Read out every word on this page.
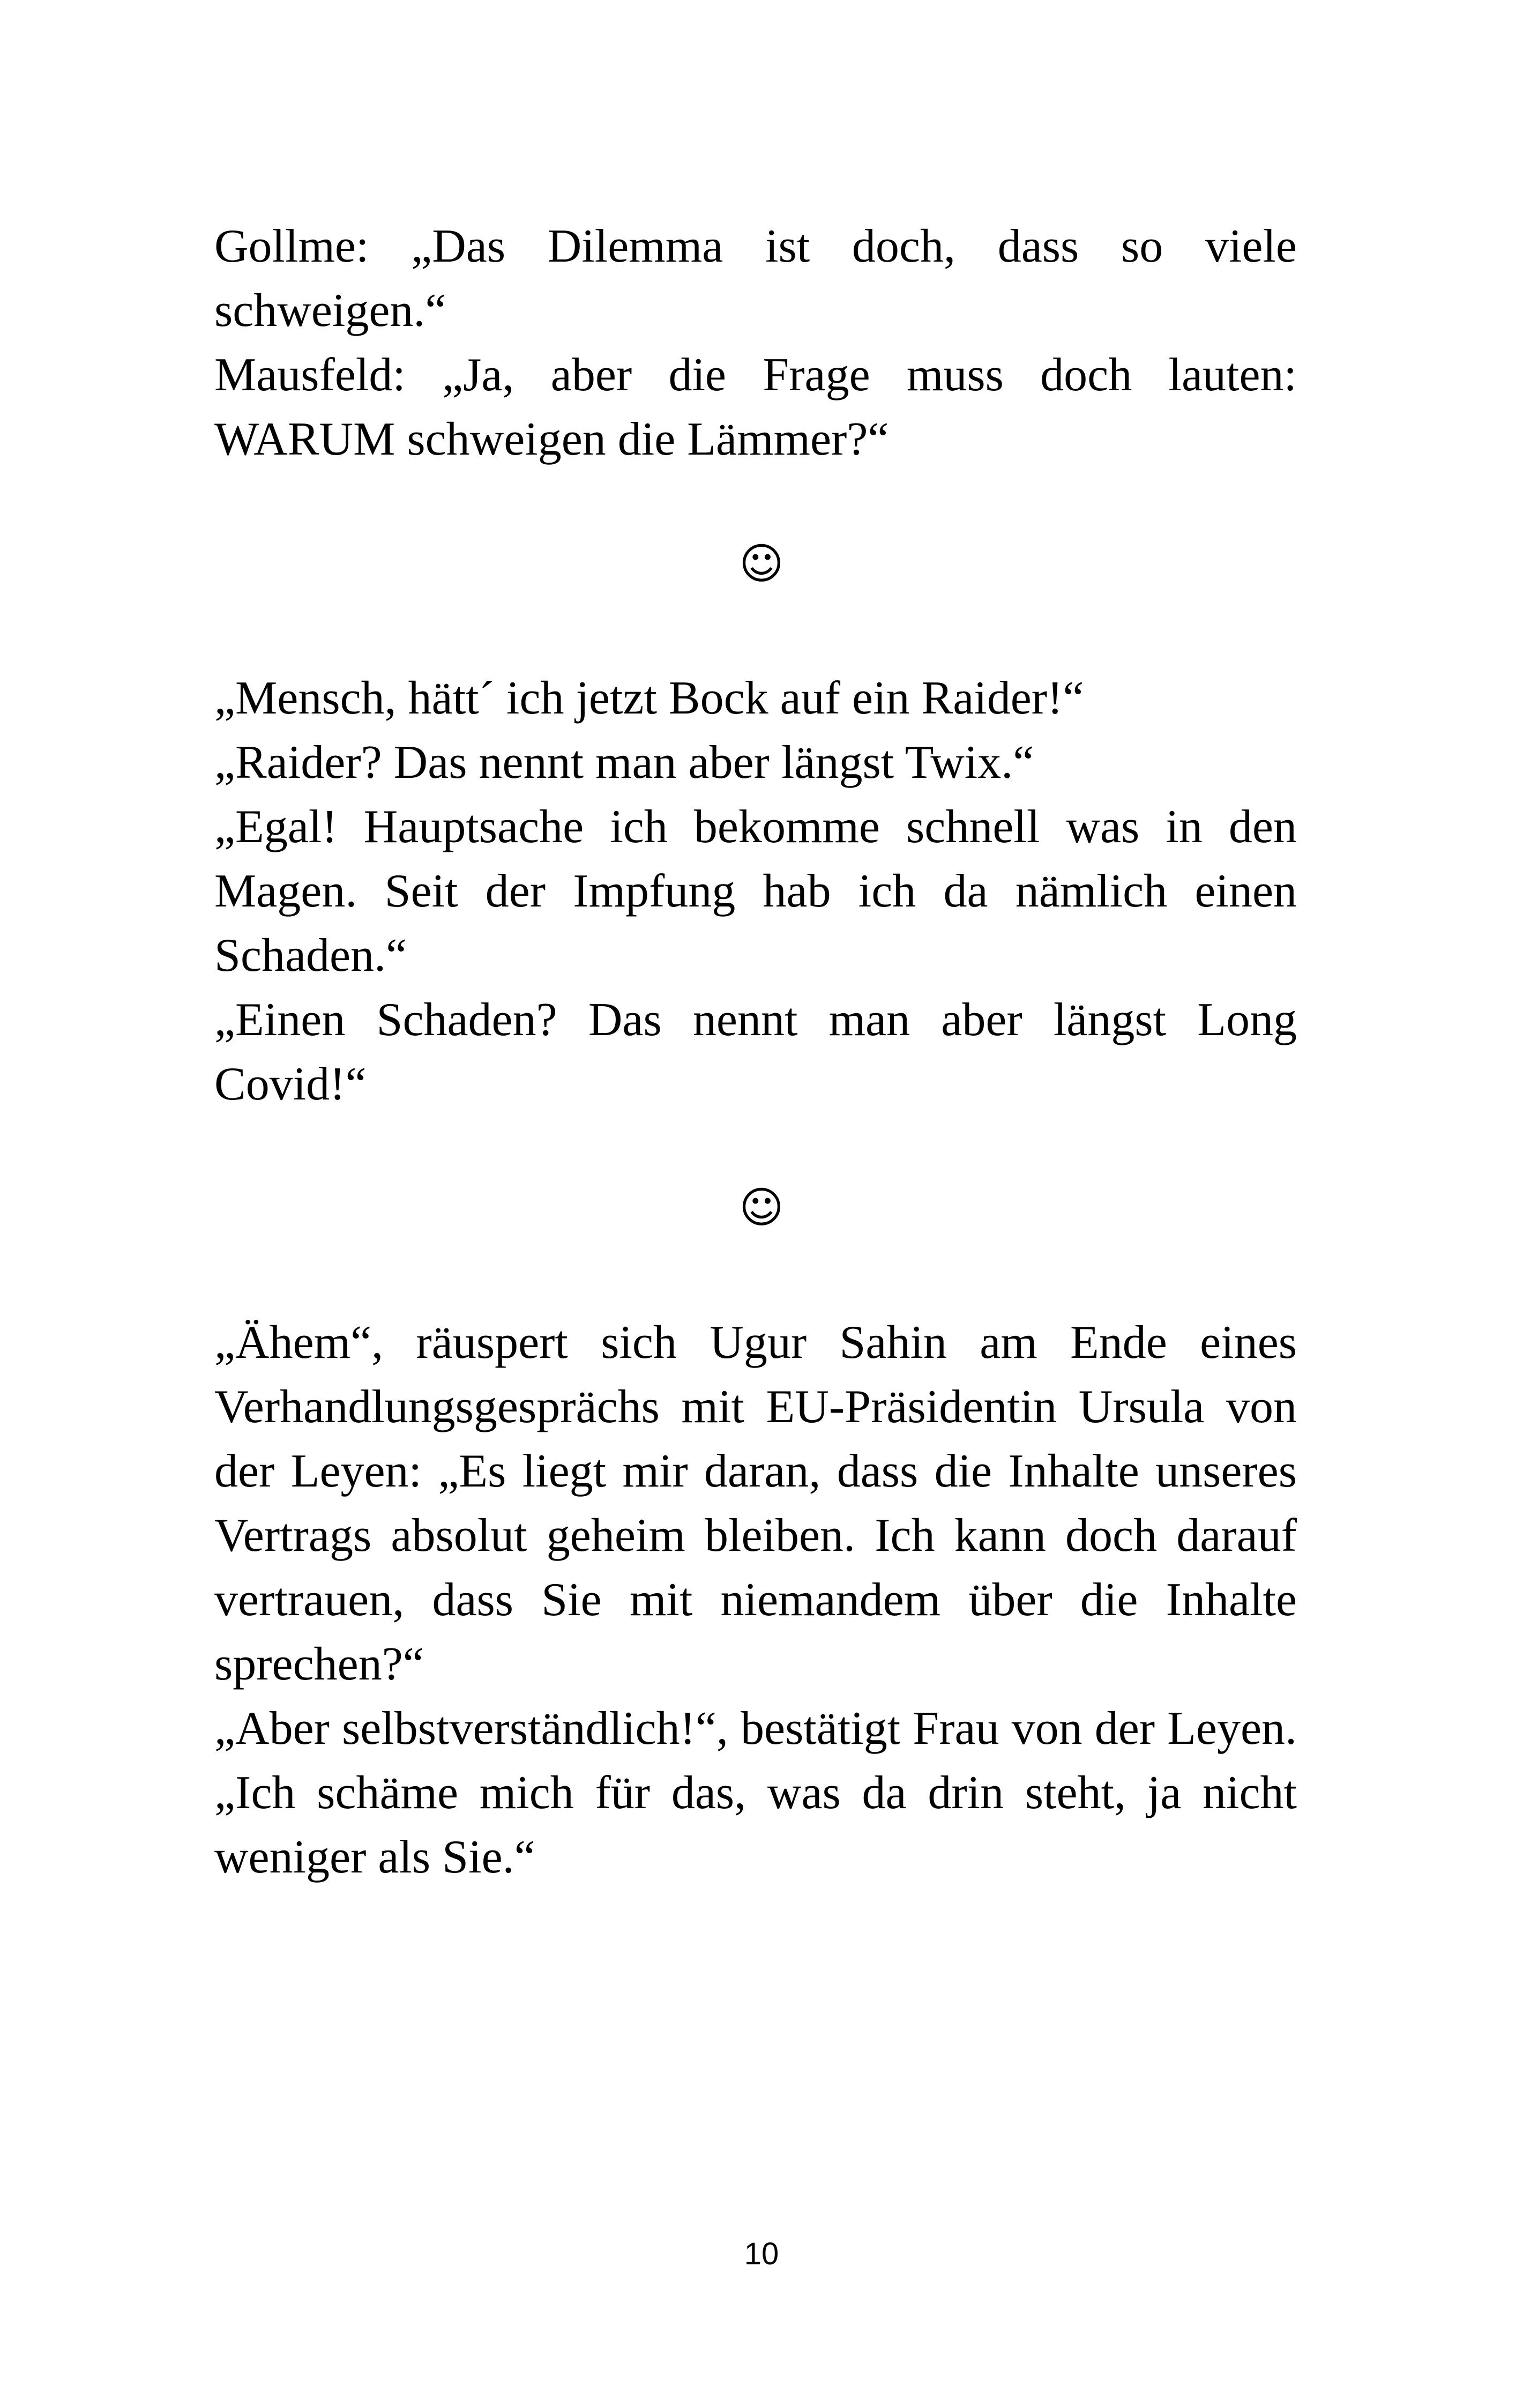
Gollme: „Das Dilemma ist doch, dass so viele schweigen.“

Mausfeld: „Ja, aber die Frage muss doch lauten: WARUM schweigen die Lämmer?“

☺

„Mensch, hätt´ ich jetzt Bock auf ein Raider!“

„Raider? Das nennt man aber längst Twix.“

„Egal! Hauptsache ich bekomme schnell was in den Magen. Seit der Impfung hab ich da nämlich einen Schaden.“

„Einen Schaden? Das nennt man aber längst Long Covid!“

☺

„Ähem“, räuspert sich Ugur Sahin am Ende eines Verhandlungsgesprächs mit EU-Präsidentin Ursula von der Leyen: „Es liegt mir daran, dass die Inhalte unseres Vertrags absolut geheim bleiben. Ich kann doch darauf vertrauen, dass Sie mit niemandem über die Inhalte sprechen?“

„Aber selbstverständlich!“, bestätigt Frau von der Leyen. „Ich schäme mich für das, was da drin steht, ja nicht weniger als Sie.“

10
